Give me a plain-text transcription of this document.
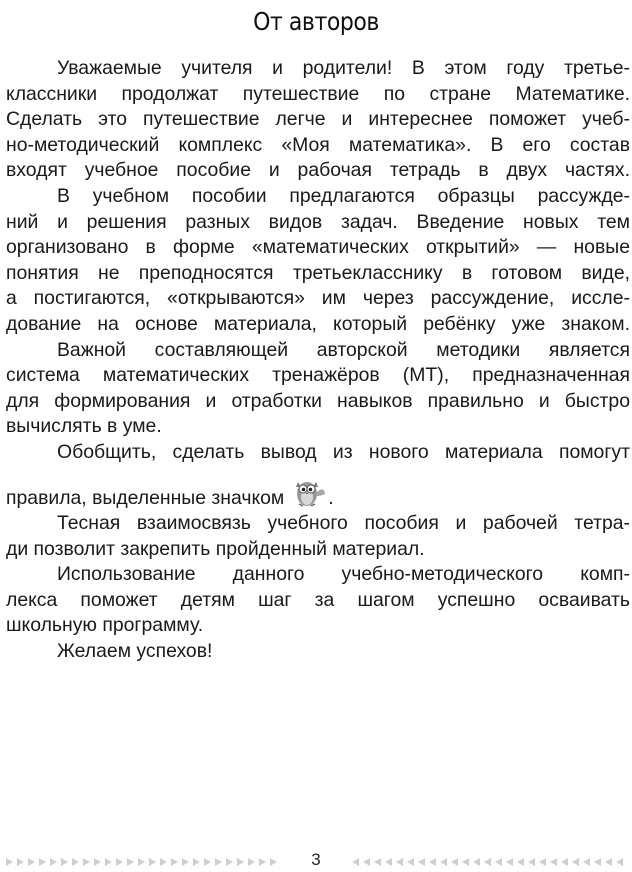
От авторов
Уважаемые учителя и родители! В этом году третье-
классники продолжат путешествие по стране Математике.
Сделать это путешествие легче и интереснее поможет учеб-
но-методический комплекс «Моя математика». В его состав
входят учебное пособие и рабочая тетрадь в двух частях.
В учебном пособии предлагаются образцы рассужде-
ний и решения разных видов задач. Введение новых тем
организовано в форме «математических открытий» — новые
понятия не преподносятся третьекласснику в готовом виде,
а постигаются, «открываются» им через рассуждение, иссле-
дование на основе материала, который ребёнку уже знаком.
Важной составляющей авторской методики является
система математических тренажёров (МТ), предназначенная
для формирования и отработки навыков правильно и быстро
вычислять в уме.
Обобщить, сделать вывод из нового материала помогут
правила, выделенные значком .
Тесная взаимосвязь учебного пособия и рабочей тетра-
ди позволит закрепить пройденный материал.
Использование данного учебно-методического комп-
лекса поможет детям шаг за шагом успешно осваивать
школьную программу.
Желаем успехов!
3
